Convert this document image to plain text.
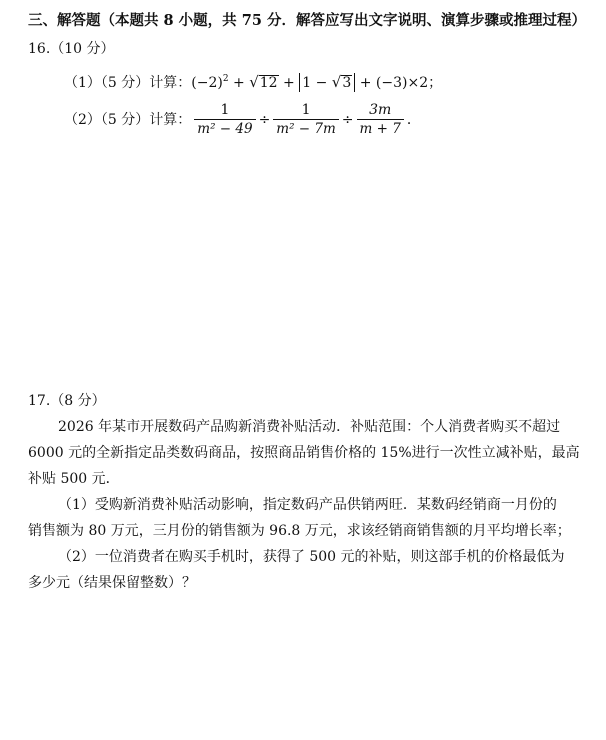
三、解答题（本题共 8 小题，共 75 分．解答应写出文字说明、演算步骤或推理过程）
16.（10 分）
（1）（5 分）计算：$(-2)^2 + √12 + 1 - √3 + (-3)\times 2$；
（2）（5 分）计算： $\frac{1}{\text{m² − 49}} \div \frac{1}{\text{m² − 7m}} \div \frac{3m}{m + 7}$ ．
17.（8 分）
2026 年某市开展数码产品购新消费补贴活动．补贴范围：个人消费者购买不超过
6000 元的全新指定品类数码商品，按照商品销售价格的 15%进行一次性立减补贴，最高
补贴 500 元．
（1）受购新消费补贴活动影响，指定数码产品供销两旺．某数码经销商一月份的
销售额为 80 万元，三月份的销售额为 96.8 万元，求该经销商销售额的月平均增长率；
（2）一位消费者在购买手机时，获得了 500 元的补贴，则这部手机的价格最低为
多少元（结果保留整数）？
